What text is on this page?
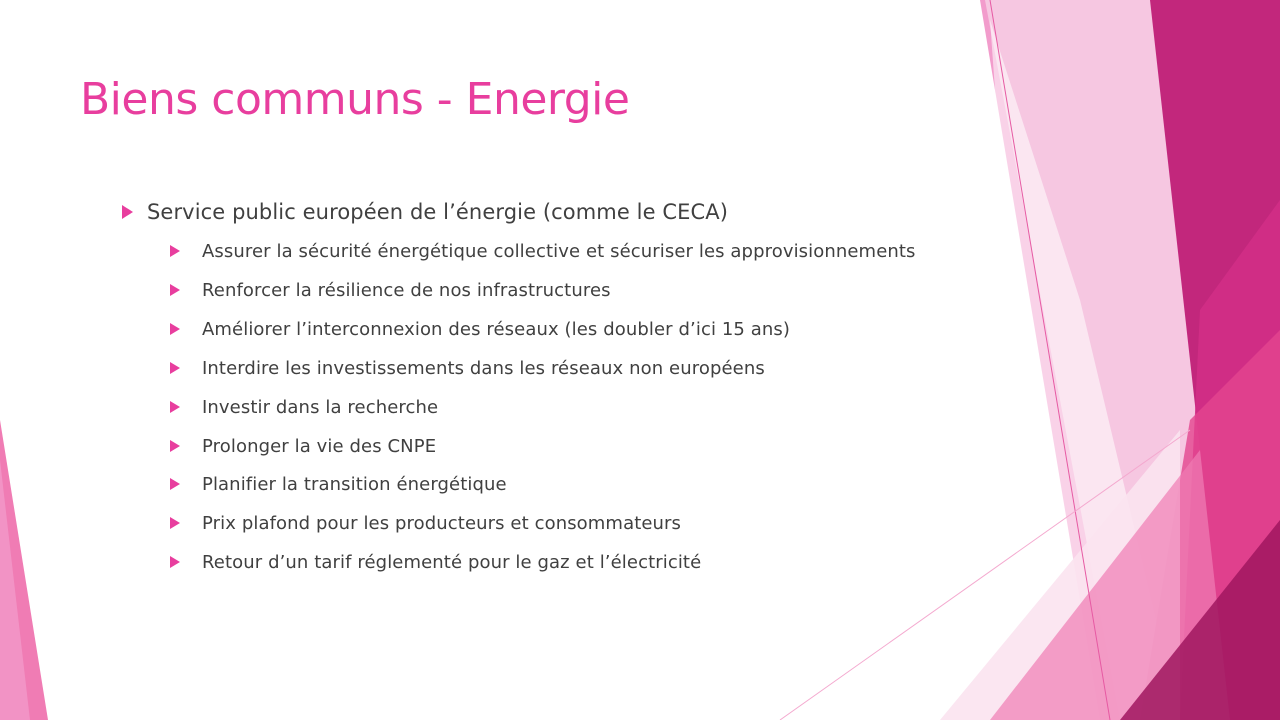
Biens communs - Energie
Service public européen de l’énergie (comme le CECA)
Assurer la sécurité énergétique collective et sécuriser les approvisionnements
Renforcer la résilience de nos infrastructures
Améliorer l’interconnexion des réseaux (les doubler d’ici 15 ans)
Interdire les investissements dans les réseaux non européens
Investir dans la recherche
Prolonger la vie des CNPE
Planifier la transition énergétique
Prix plafond pour les producteurs et consommateurs
Retour d’un tarif réglementé pour le gaz et l’électricité
